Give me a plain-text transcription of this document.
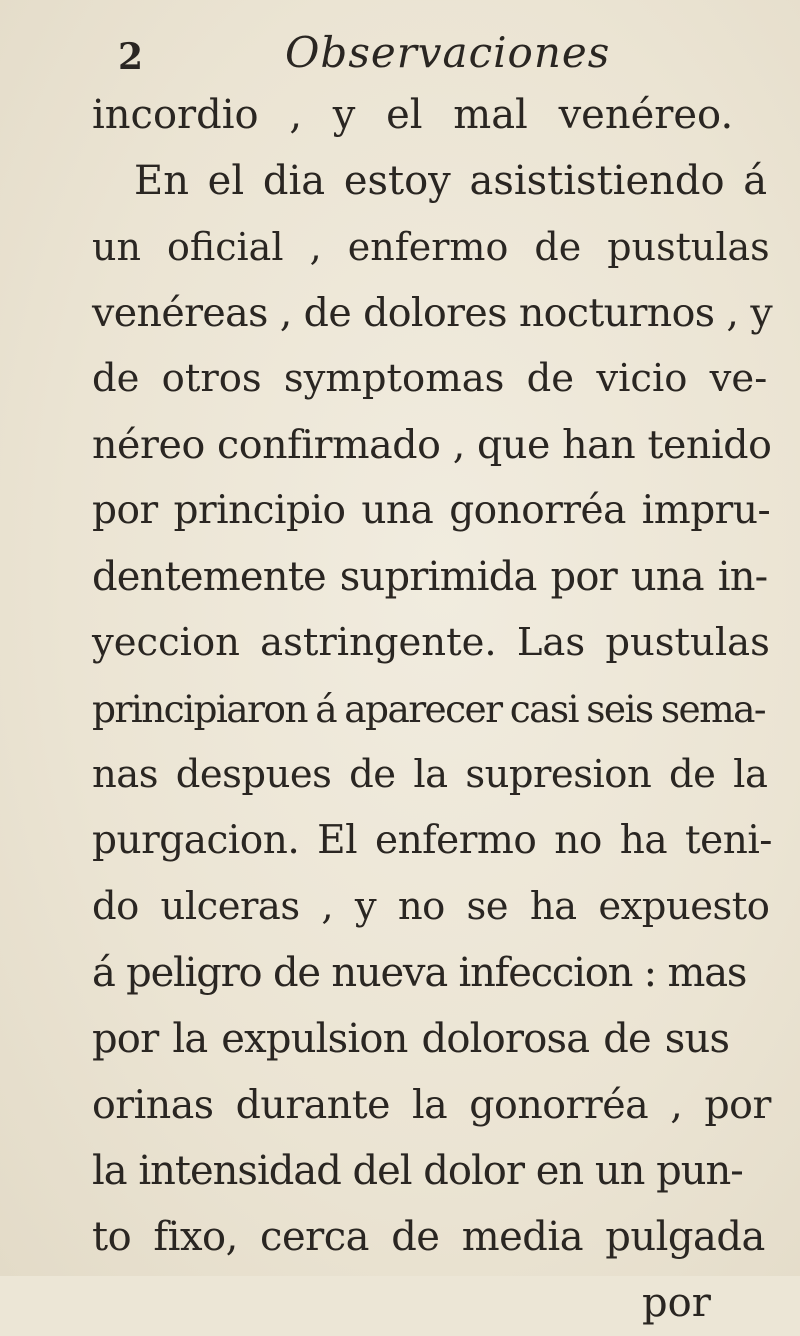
2	Observaciones
incordio , y el mal venéreo.
En el dia estoy asististiendo á
un oficial , enfermo de pustulas
venéreas , de dolores nocturnos , y
de otros symptomas de vicio ve-
néreo confirmado , que han tenido
por principio una gonorréa impru-
dentemente suprimida por una in-
yeccion astringente. Las pustulas
principiaron á aparecer casi seis sema-
nas despues de la supresion de la
purgacion. El enfermo no ha teni-
do ulceras , y no se ha expuesto
á peligro de nueva infeccion : mas
por la expulsion dolorosa de sus
orinas durante la gonorréa , por
la intensidad del dolor en un pun-
to fixo, cerca de media pulgada
por
